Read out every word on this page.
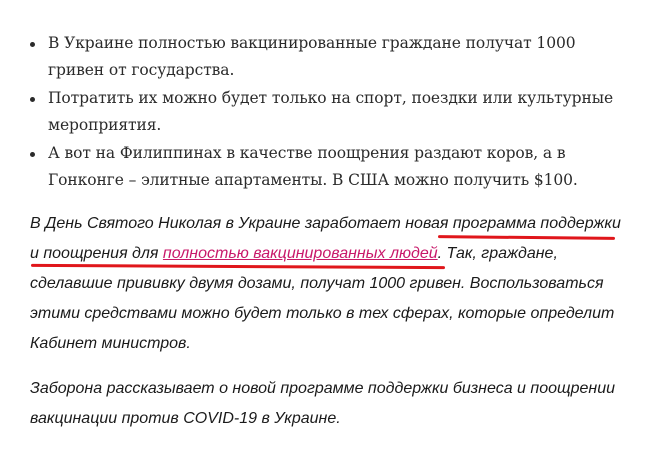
В Украине полностью вакцинированные граждане получат 1000 гривен от государства.
Потратить их можно будет только на спорт, поездки или культурные мероприятия.
А вот на Филиппинах в качестве поощрения раздают коров, а в Гонконге – элитные апартаменты. В США можно получить $100.

В День Святого Николая в Украине заработает новая программа поддержки и поощрения для полностью вакцинированных людей. Так, граждане, сделавшие прививку двумя дозами, получат 1000 гривен. Воспользоваться этими средствами можно будет только в тех сферах, которые определит Кабинет министров.

Заборона рассказывает о новой программе поддержки бизнеса и поощрении вакцинации против COVID-19 в Украине.
